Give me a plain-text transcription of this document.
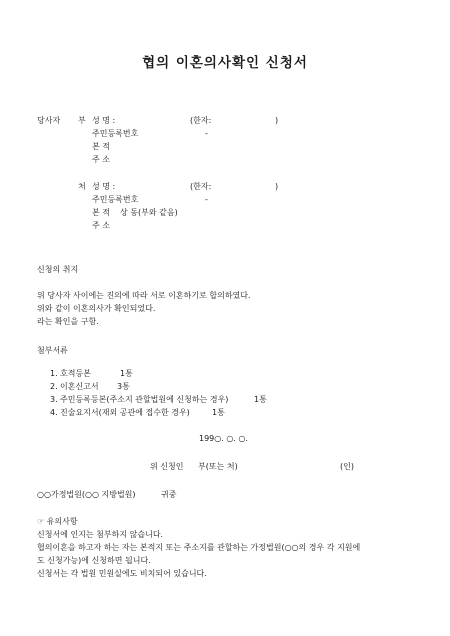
협의 이혼의사확인 신청서
당사자 부 성 명 :	(한자:	)
주민등록번호	-
본 적
주 소
처 성 명 :	(한자:	)
주민등록번호	-
본 적 상 동(부와 같음)
주 소
신청의 취지
위 당사자 사이에는 진의에 따라 서로 이혼하기로 합의하였다.
위와 같이 이혼의사가 확인되었다.
라는 확인을 구함.
첨부서류
1. 호적등본	1통
2. 이혼신고서 3통
3. 주민등록등본(주소지 관할법원에 신청하는 경우)	1통
4. 진술요지서(재외 공관에 접수한 경우)	1통
199○. ○. ○.
위 신청인 부(또는 처)	(인)
○○가정법원(○○ 지방법원)	귀중
☞ 유의사항
신청서에 인지는 첨부하지 않습니다.
협의이혼을 하고자 하는 자는 본적지 또는 주소지를 관할하는 가정법원(○○의 경우 각 지원에
도 신청가능)에 신청하면 됩니다.
신청서는 각 법원 민원실에도 비치되어 있습니다.
